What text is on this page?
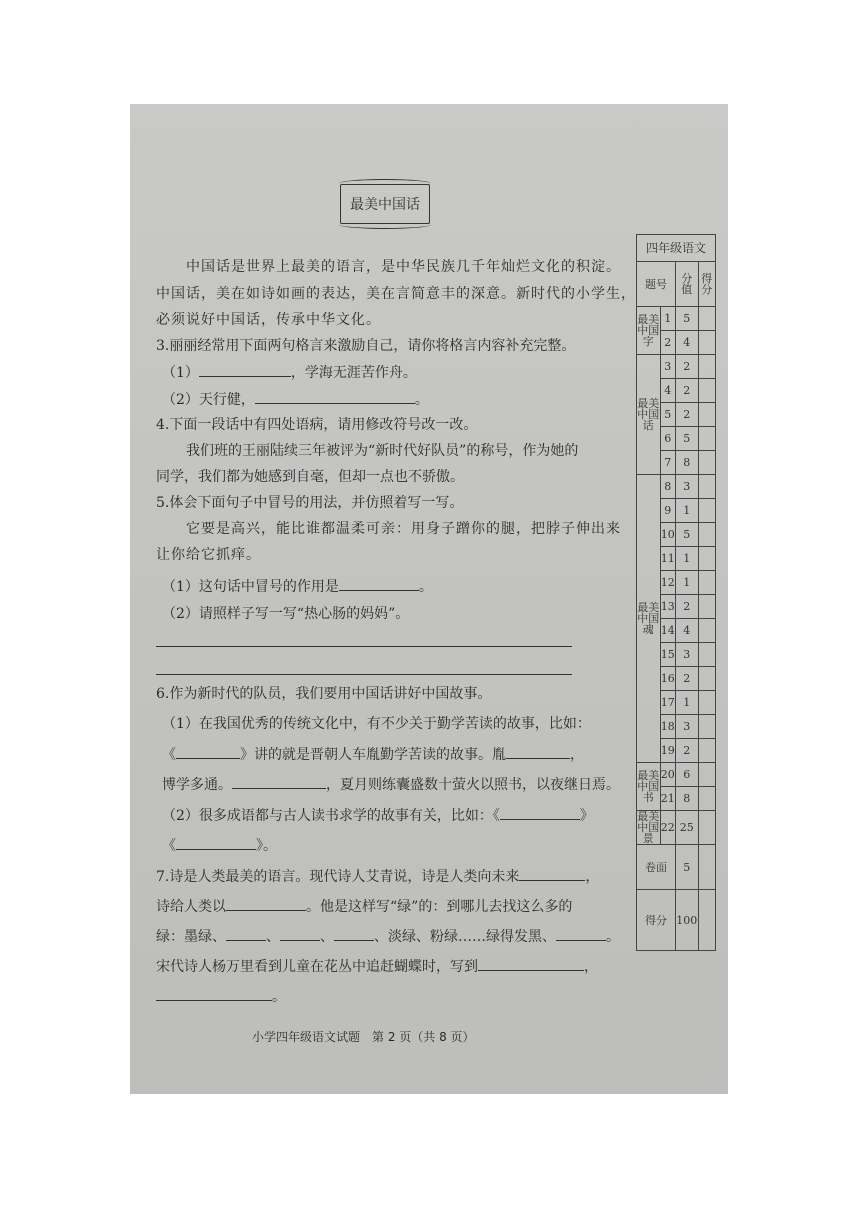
最美中国话
中国话是世界上最美的语言，是中华民族几千年灿烂文化的积淀。
中国话，美在如诗如画的表达，美在言简意丰的深意。新时代的小学生，
必须说好中国话，传承中华文化。
3.丽丽经常用下面两句格言来激励自己，请你将格言内容补充完整。
（1）	，学海无涯苦作舟。
（2）天行健，	。
4.下面一段话中有四处语病，请用修改符号改一改。
我们班的王丽陆续三年被评为“新时代好队员”的称号，作为她的
同学，我们都为她感到自毫，但却一点也不骄傲。
5.体会下面句子中冒号的用法，并仿照着写一写。
它要是高兴，能比谁都温柔可亲：用身子蹭你的腿，把脖子伸出来
让你给它抓痒。
（1）这句话中冒号的作用是	。
（2）请照样子写一写“热心肠的妈妈”。
6.作为新时代的队员，我们要用中国话讲好中国故事。
（1）在我国优秀的传统文化中，有不少关于勤学苦读的故事，比如：
《	》讲的就是晋朝人车胤勤学苦读的故事。胤	，
博学多通。	，夏月则练囊盛数十萤火以照书，以夜继日焉。
（2）很多成语都与古人读书求学的故事有关，比如：《	》
《	》。
7.诗是人类最美的语言。现代诗人艾青说，诗是人类向未来	，
诗给人类以	。他是这样写“绿”的：到哪儿去找这么多的
绿：墨绿、	、	、	、淡绿、粉绿……绿得发黑、	。
宋代诗人杨万里看到儿童在花丛中追赶蝴蝶时，写到	，
。
四年级语文			
题号		分值	得分
最美中国字	1	5	
	2	4	
最美中国话	3	2	
	4	2	
	5	2	
	6	5	
	7	8	
最美中国魂	8	3	
	9	1	
	10	5	
	11	1	
	12	1	
	13	2	
	14	4	
	15	3	
	16	2	
	17	1	
	18	3	
	19	2	
最美中国书	20	6	
	21	8	
最美中国景	22	25	
卷面		5	
得分		100	
小学四年级语文试题　第 2 页（共 8 页）
